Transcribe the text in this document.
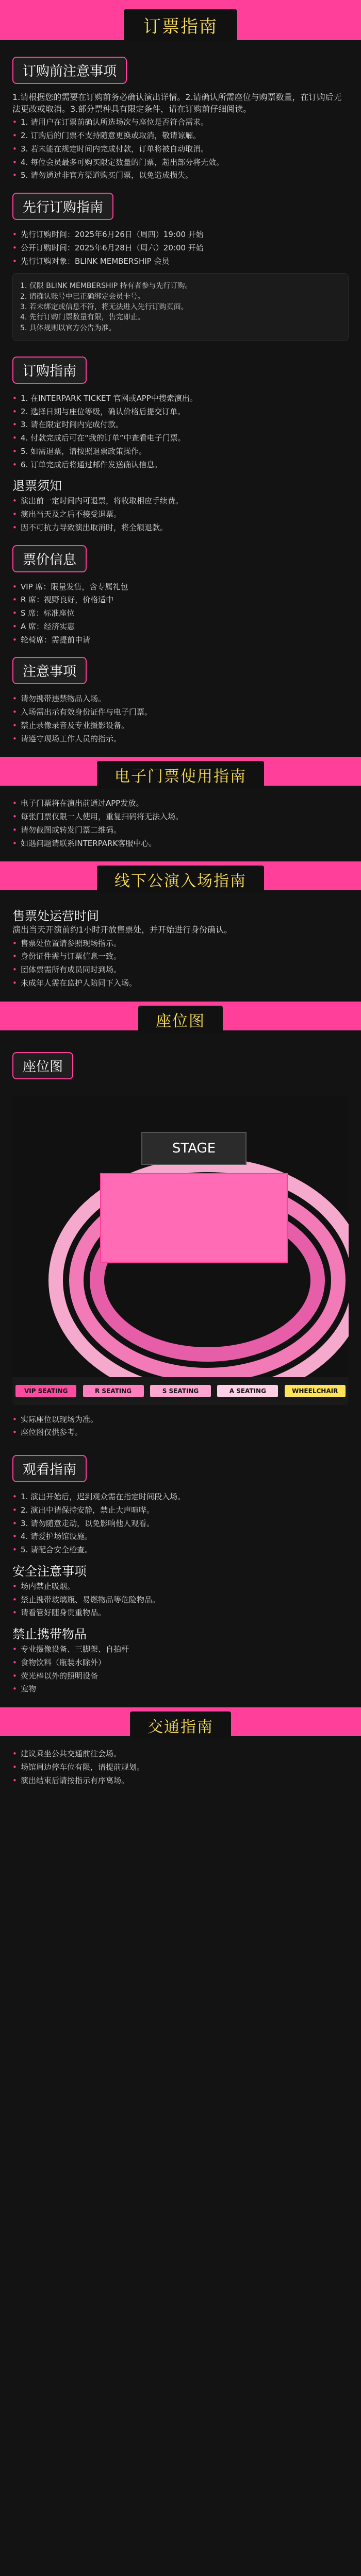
订票指南
订购前注意事项
1.请根据您的需要在订购前务必确认演出详情。2.请确认所需座位与购票数量，在订购后无法更改或取消。3.部分票种具有限定条件，请在订购前仔细阅读。
• 1. 请用户在订票前确认所选场次与座位是否符合需求。
• 2. 订购后的门票不支持随意更换或取消，敬请谅解。
• 3. 若未能在规定时间内完成付款，订单将被自动取消。
• 4. 每位会员最多可购买限定数量的门票，超出部分将无效。
• 5. 请勿通过非官方渠道购买门票，以免造成损失。
先行订购指南
• 先行订购时间：2025年6月26日（周四）19:00 开始
• 公开订购时间：2025年6月28日（周六）20:00 开始
• 先行订购对象：BLINK MEMBERSHIP 会员
1. 仅限 BLINK MEMBERSHIP 持有者参与先行订购。
2. 请确认账号中已正确绑定会员卡号。
3. 若未绑定或信息不符，将无法进入先行订购页面。
4. 先行订购门票数量有限，售完即止。
5. 具体规则以官方公告为准。
订购指南
• 1. 在INTERPARK TICKET 官网或APP中搜索演出。
• 2. 选择日期与座位等级，确认价格后提交订单。
• 3. 请在限定时间内完成付款。
• 4. 付款完成后可在“我的订单”中查看电子门票。
• 5. 如需退票，请按照退票政策操作。
• 6. 订单完成后将通过邮件发送确认信息。
退票须知
• 演出前一定时间内可退票，将收取相应手续费。
• 演出当天及之后不接受退票。
• 因不可抗力导致演出取消时，将全额退款。
票价信息
• VIP 席：限量发售，含专属礼包
• R 席：视野良好，价格适中
• S 席：标准座位
• A 席：经济实惠
• 轮椅席：需提前申请
注意事项
• 请勿携带违禁物品入场。
• 入场需出示有效身份证件与电子门票。
• 禁止录像录音及专业摄影设备。
• 请遵守现场工作人员的指示。
电子门票使用指南
• 电子门票将在演出前通过APP发放。
• 每张门票仅限一人使用，重复扫码将无法入场。
• 请勿截图或转发门票二维码。
• 如遇问题请联系INTERPARK客服中心。
线下公演入场指南
售票处运营时间
演出当天开演前约1小时开放售票处，并开始进行身份确认。
• 售票处位置请参照现场指示。
• 身份证件需与订票信息一致。
• 团体票需所有成员同时到场。
• 未成年人需在监护人陪同下入场。
座位图
座位图
STAGE
VIP SEATING	R SEATING	S SEATING	A SEATING	WHEELCHAIR
• 实际座位以现场为准。
• 座位图仅供参考。
观看指南
• 1. 演出开始后，迟到观众需在指定时间段入场。
• 2. 演出中请保持安静，禁止大声喧哗。
• 3. 请勿随意走动，以免影响他人观看。
• 4. 请爱护场馆设施。
• 5. 请配合安全检查。
安全注意事项
• 场内禁止吸烟。
• 禁止携带玻璃瓶、易燃物品等危险物品。
• 请看管好随身贵重物品。
禁止携带物品
• 专业摄像设备、三脚架、自拍杆
• 食物饮料（瓶装水除外）
• 荧光棒以外的照明设备
• 宠物
交通指南
• 建议乘坐公共交通前往会场。
• 场馆周边停车位有限，请提前规划。
• 演出结束后请按指示有序离场。
